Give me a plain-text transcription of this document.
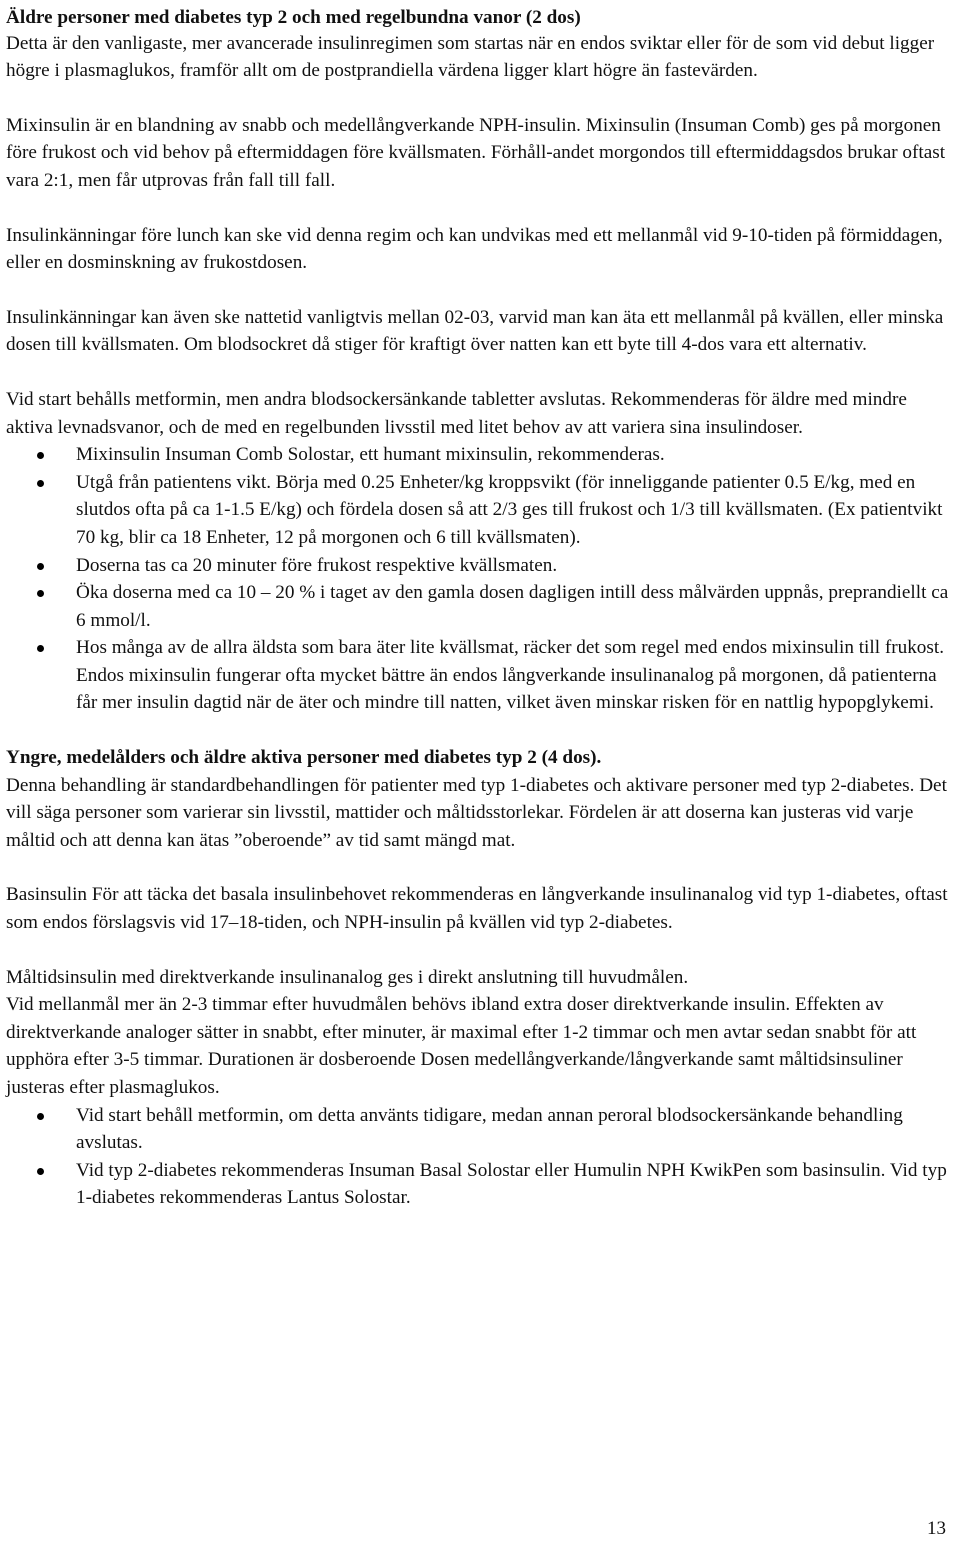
Äldre personer med diabetes typ 2 och med regelbundna vanor (2 dos)

Detta är den vanligaste, mer avancerade insulinregimen som startas när en endos sviktar eller för de som vid debut ligger högre i plasmaglukos, framför allt om de postprandiella värdena ligger klart högre än fastevärden.

Mixinsulin är en blandning av snabb och medellångverkande NPH-insulin. Mixinsulin (Insuman Comb) ges på morgonen före frukost och vid behov på eftermiddagen före kvällsmaten. Förhåll-andet morgondos till eftermiddagsdos brukar oftast vara 2:1, men får utprovas från fall till fall.

Insulinkänningar före lunch kan ske vid denna regim och kan undvikas med ett mellanmål vid 9-10-tiden på förmiddagen, eller en dosminskning av frukostdosen.

Insulinkänningar kan även ske nattetid vanligtvis mellan 02-03, varvid man kan äta ett mellanmål på kvällen, eller minska dosen till kvällsmaten. Om blodsockret då stiger för kraftigt över natten kan ett byte till 4-dos vara ett alternativ.

Vid start behålls metformin, men andra blodsockersänkande tabletter avslutas. Rekommenderas för äldre med mindre aktiva levnadsvanor, och de med en regelbunden livsstil med litet behov av att variera sina insulindoser.

Mixinsulin Insuman Comb Solostar, ett humant mixinsulin, rekommenderas.
Utgå från patientens vikt. Börja med 0.25 Enheter/kg kroppsvikt (för inneliggande patienter 0.5 E/kg, med en slutdos ofta på ca 1-1.5 E/kg) och fördela dosen så att 2/3 ges till frukost och 1/3 till kvällsmaten. (Ex patientvikt 70 kg, blir ca 18 Enheter, 12 på morgonen och 6 till kvällsmaten).
Doserna tas ca 20 minuter före frukost respektive kvällsmaten.
Öka doserna med ca 10 – 20 % i taget av den gamla dosen dagligen intill dess målvärden uppnås, preprandiellt ca 6 mmol/l.
Hos många av de allra äldsta som bara äter lite kvällsmat, räcker det som regel med endos mixinsulin till frukost. Endos mixinsulin fungerar ofta mycket bättre än endos långverkande insulinanalog på morgonen, då patienterna får mer insulin dagtid när de äter och mindre till natten, vilket även minskar risken för en nattlig hypopglykemi.

Yngre, medelålders och äldre aktiva personer med diabetes typ 2 (4 dos).

Denna behandling är standardbehandlingen för patienter med typ 1-diabetes och aktivare personer med typ 2-diabetes. Det vill säga personer som varierar sin livsstil, mattider och måltidsstorlekar. Fördelen är att doserna kan justeras vid varje måltid och att denna kan ätas ”oberoende” av tid samt mängd mat.

Basinsulin För att täcka det basala insulinbehovet rekommenderas en långverkande insulinanalog vid typ 1-diabetes, oftast som endos förslagsvis vid 17–18-tiden, och NPH-insulin på kvällen vid typ 2-diabetes.

Måltidsinsulin med direktverkande insulinanalog ges i direkt anslutning till huvudmålen.

Vid mellanmål mer än 2-3 timmar efter huvudmålen behövs ibland extra doser direktverkande insulin. Effekten av direktverkande analoger sätter in snabbt, efter minuter, är maximal efter 1-2 timmar och men avtar sedan snabbt för att upphöra efter 3-5 timmar. Durationen är dosberoende Dosen medellångverkande/långverkande samt måltidsinsuliner justeras efter plasmaglukos.

Vid start behåll metformin, om detta använts tidigare, medan annan peroral blodsockersänkande behandling avslutas.
Vid typ 2-diabetes rekommenderas Insuman Basal Solostar eller Humulin NPH KwikPen som basinsulin. Vid typ 1-diabetes rekommenderas Lantus Solostar.
13
